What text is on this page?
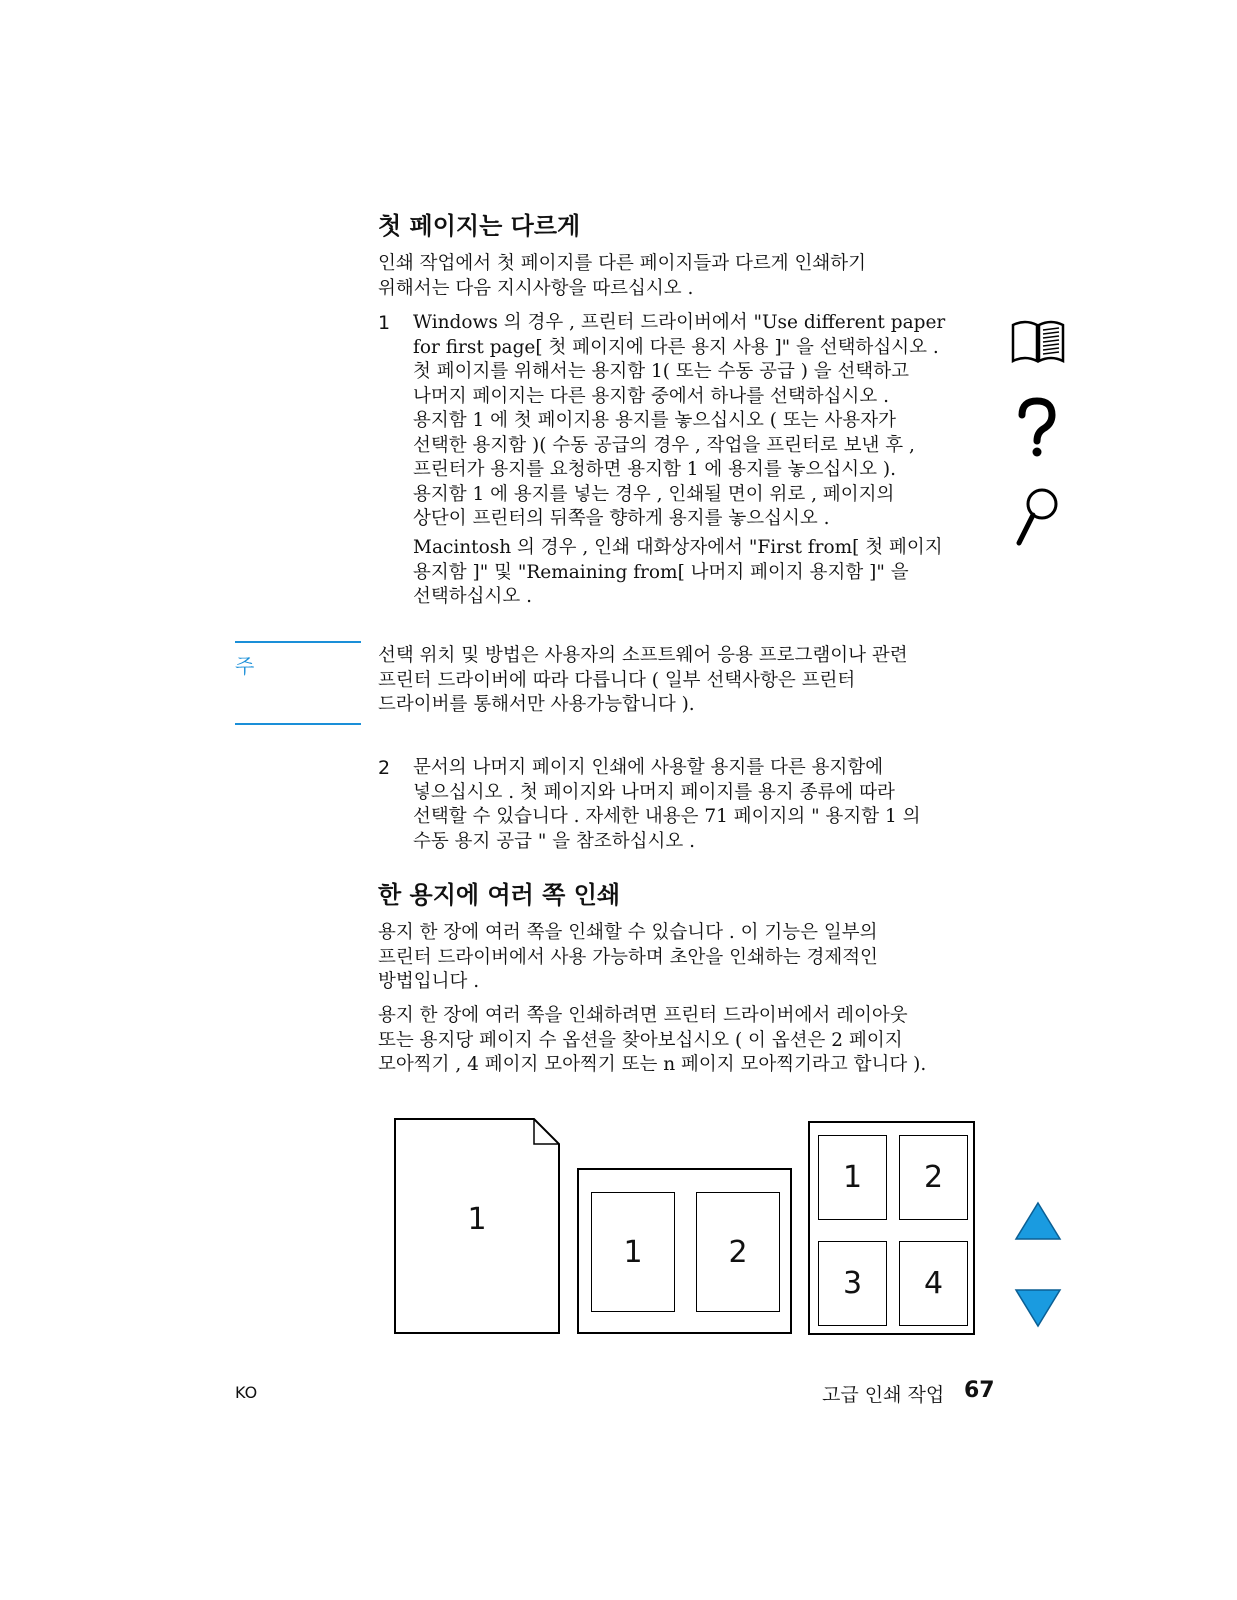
첫 페이지는 다르게

인쇄 작업에서 첫 페이지를 다른 페이지들과 다르게 인쇄하기

위해서는 다음 지시사항을 따르십시오 .

1 Windows 의 경우 , 프린터 드라이버에서 "Use different paper

for first page[ 첫 페이지에 다른 용지 사용 ]" 을 선택하십시오 .

첫 페이지를 위해서는 용지함 1( 또는 수동 공급 ) 을 선택하고

나머지 페이지는 다른 용지함 중에서 하나를 선택하십시오 .

용지함 1 에 첫 페이지용 용지를 놓으십시오 ( 또는 사용자가

선택한 용지함 )( 수동 공급의 경우 , 작업을 프린터로 보낸 후 ,

프린터가 용지를 요청하면 용지함 1 에 용지를 놓으십시오 ).

용지함 1 에 용지를 넣는 경우 , 인쇄될 면이 위로 , 페이지의

상단이 프린터의 뒤쪽을 향하게 용지를 놓으십시오 .

Macintosh 의 경우 , 인쇄 대화상자에서 "First from[ 첫 페이지

용지함 ]" 및 "Remaining from[ 나머지 페이지 용지함 ]" 을

선택하십시오 .

주	선택 위치 및 방법은 사용자의 소프트웨어 응용 프로그램이나 관련

프린터 드라이버에 따라 다릅니다 ( 일부 선택사항은 프린터

드라이버를 통해서만 사용가능합니다 ).

2 문서의 나머지 페이지 인쇄에 사용할 용지를 다른 용지함에

넣으십시오 . 첫 페이지와 나머지 페이지를 용지 종류에 따라

선택할 수 있습니다 . 자세한 내용은 71 페이지의 " 용지함 1 의

수동 용지 공급 " 을 참조하십시오 .

한 용지에 여러 쪽 인쇄

용지 한 장에 여러 쪽을 인쇄할 수 있습니다 . 이 기능은 일부의

프린터 드라이버에서 사용 가능하며 초안을 인쇄하는 경제적인

방법입니다 .

용지 한 장에 여러 쪽을 인쇄하려면 프린터 드라이버에서 레이아웃

또는 용지당 페이지 수 옵션을 찾아보십시오 ( 이 옵션은 2 페이지

모아찍기 , 4 페이지 모아찍기 또는 n 페이지 모아찍기라고 합니다 ).

1
1	2
1 2
3 4
KO	고급 인쇄 작업 67
